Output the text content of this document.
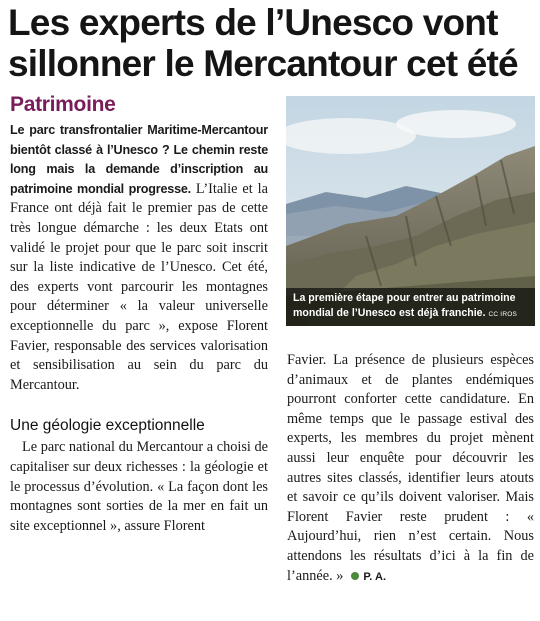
Les experts de l’Unesco vont
sillonner le Mercantour cet été
Patrimoine

Le parc transfrontalier Maritime-Mercantour bientôt classé à l’Unesco ? Le chemin reste long mais la demande d’inscription au patrimoine mondial progresse. L’Italie et la France ont déjà fait le premier pas de cette très longue démarche : les deux Etats ont validé le projet pour que le parc soit inscrit sur la liste indicative de l’Unesco. Cet été, des experts vont parcourir les montagnes pour déterminer « la valeur universelle exceptionnelle du parc », expose Florent Favier, responsable des services valorisation et sensibilisation au sein du parc du Mercantour.

Une géologie exceptionnelle

Le parc national du Mercantour a choisi de capitaliser sur deux richesses : la géologie et le processus d’évolution. « La façon dont les montagnes sont sorties de la mer en fait un site exceptionnel », assure Florent

La première étape pour entrer au patrimoine
mondial de l’Unesco est déjà franchie. CC IROS

Favier. La présence de plusieurs espèces d’animaux et de plantes endémiques pourront conforter cette candidature. En même temps que le passage estival des experts, les membres du projet mènent aussi leur enquête pour découvrir les autres sites classés, identifier leurs atouts et savoir ce qu’ils doivent valoriser. Mais Florent Favier reste prudent : « Aujourd’hui, rien n’est certain. Nous attendons les résultats d’ici à la fin de l’année. » P. A.
